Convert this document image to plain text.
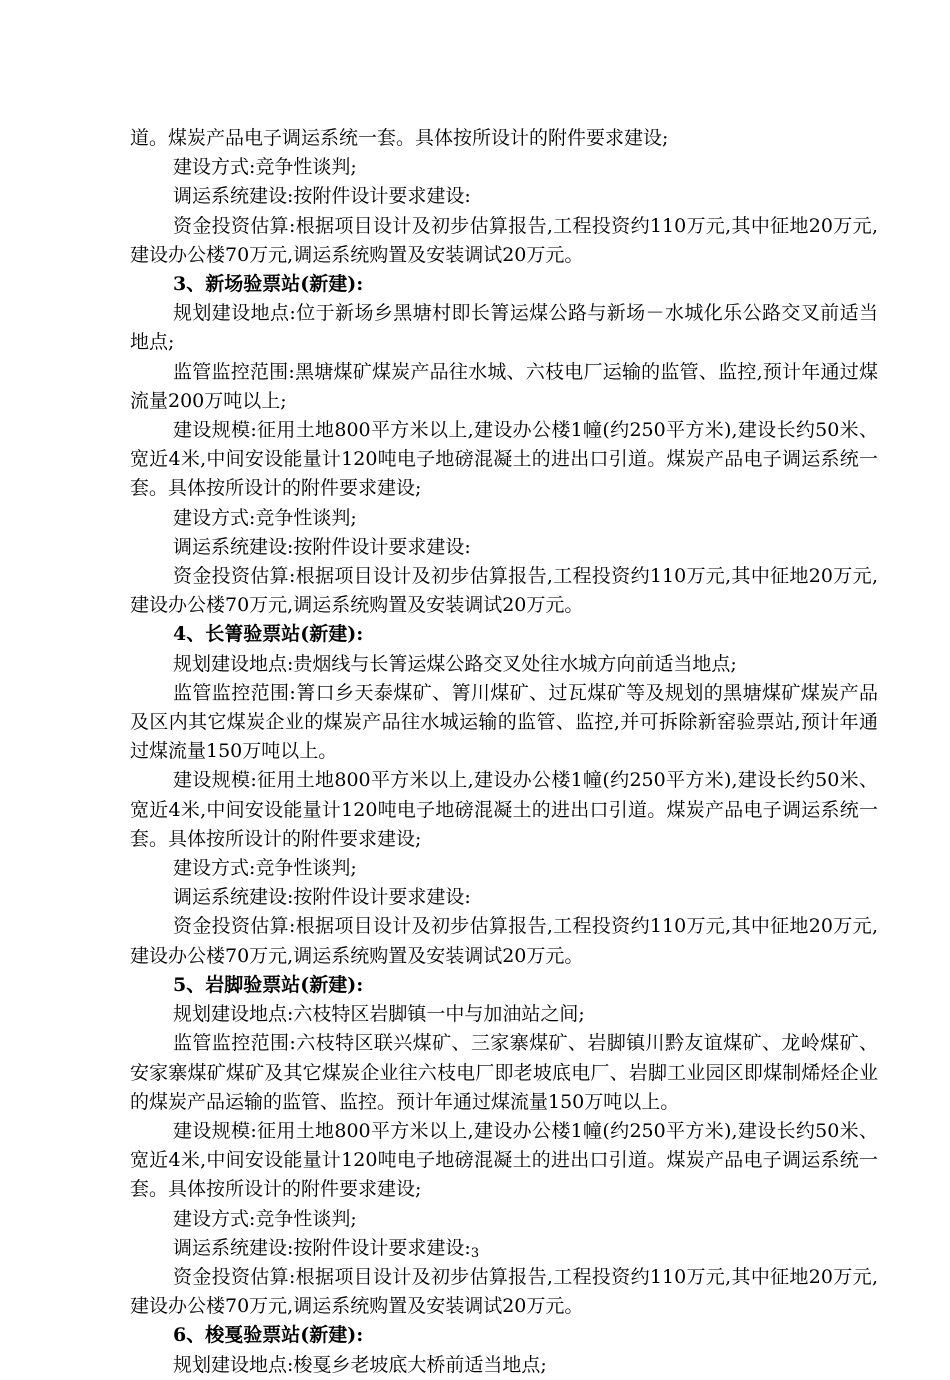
道。煤炭产品电子调运系统一套。具体按所设计的附件要求建设;

建设方式:竞争性谈判;

调运系统建设:按附件设计要求建设:

资金投资估算:根据项目设计及初步估算报告,工程投资约110万元,其中征地20万元,建设办公楼70万元,调运系统购置及安装调试20万元。

3、新场验票站(新建):

规划建设地点:位于新场乡黑塘村即长箐运煤公路与新场－水城化乐公路交叉前适当地点;

监管监控范围:黑塘煤矿煤炭产品往水城、六枝电厂运输的监管、监控,预计年通过煤流量200万吨以上;

建设规模:征用土地800平方米以上,建设办公楼1幢(约250平方米),建设长约50米、宽近4米,中间安设能量计120吨电子地磅混凝土的进出口引道。煤炭产品电子调运系统一套。具体按所设计的附件要求建设;

建设方式:竞争性谈判;

调运系统建设:按附件设计要求建设:

资金投资估算:根据项目设计及初步估算报告,工程投资约110万元,其中征地20万元,建设办公楼70万元,调运系统购置及安装调试20万元。

4、长箐验票站(新建):

规划建设地点:贵烟线与长箐运煤公路交叉处往水城方向前适当地点;

监管监控范围:箐口乡天泰煤矿、箐川煤矿、过瓦煤矿等及规划的黑塘煤矿煤炭产品及区内其它煤炭企业的煤炭产品往水城运输的监管、监控,并可拆除新窑验票站,预计年通过煤流量150万吨以上。

建设规模:征用土地800平方米以上,建设办公楼1幢(约250平方米),建设长约50米、宽近4米,中间安设能量计120吨电子地磅混凝土的进出口引道。煤炭产品电子调运系统一套。具体按所设计的附件要求建设;

建设方式:竞争性谈判;

调运系统建设:按附件设计要求建设:

资金投资估算:根据项目设计及初步估算报告,工程投资约110万元,其中征地20万元,建设办公楼70万元,调运系统购置及安装调试20万元。

5、岩脚验票站(新建):

规划建设地点:六枝特区岩脚镇一中与加油站之间;

监管监控范围:六枝特区联兴煤矿、三家寨煤矿、岩脚镇川黔友谊煤矿、龙岭煤矿、安家寨煤矿煤矿及其它煤炭企业往六枝电厂即老坡底电厂、岩脚工业园区即煤制烯烃企业的煤炭产品运输的监管、监控。预计年通过煤流量150万吨以上。

建设规模:征用土地800平方米以上,建设办公楼1幢(约250平方米),建设长约50米、宽近4米,中间安设能量计120吨电子地磅混凝土的进出口引道。煤炭产品电子调运系统一套。具体按所设计的附件要求建设;

建设方式:竞争性谈判;

调运系统建设:按附件设计要求建设:

资金投资估算:根据项目设计及初步估算报告,工程投资约110万元,其中征地20万元,建设办公楼70万元,调运系统购置及安装调试20万元。

6、梭戛验票站(新建):

规划建设地点:梭戛乡老坡底大桥前适当地点;

3
